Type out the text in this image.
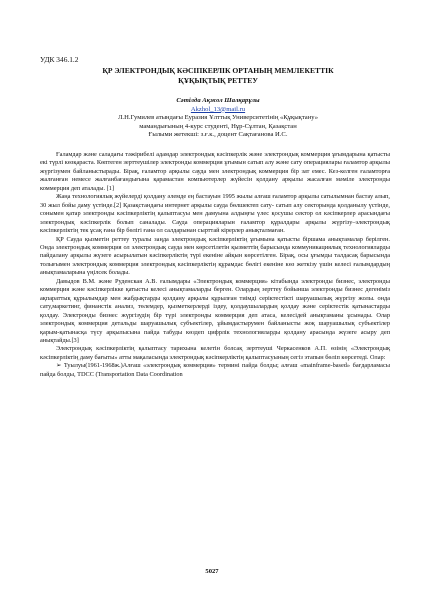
УДК 346.1.2
ҚР ЭЛЕКТРОНДЫҚ КӘСІПКЕРЛІК ОРТАНЫҢ МЕМЛЕКЕТТІК
ҚҰҚЫҚТЫҚ РЕТТЕУ
Сәтілда Ақжол Шалқарұлы
Akzhol_13@mail.ru
Л.Н.Гумилев атындағы Еуразия Ұлттық Университетінің «Құқықтану»
мамандығының 4-курс студенті, Нұр-Сұлтан, Қазақстан
Ғылыми жетекші: з.ғ.к., доцент Сақтағанова И.С.

Ғаламдар және саладағы тәжірибелі адамдар электрондық кәсіпкерлік және электрондық коммерция ұғымдарына қатысты екі түрлі көзқараста. Көптеген зерттеушілер электронды коммерция ұғымын сатып алу және сату операциялары ғаламтор арқылы жүргізумен байланыстырады. Бірақ, ғаламтор арқылы сауда мен электрондық коммерция бір зат емес. Кез-келген ғаламторға жалғанған немесе жалғанбағандығына қарамастан компьютерлер жүйесін қолдану арқылы жасалған мәміле электронды коммерция деп аталады. [1]

Жаңа технологиялық жүйелерді қолдану әлемде ең бастауын 1995 жылы алғаш ғаламтор арқылы сатылымнан бастау алып, 30 жыл бойы даму үстінде.[2] Қазақстандағы интернет арқылы сауда бөлшектеп сату- сатып алу секторында қолданылу үстінде, сонымен қатар электронды кәсіпкерліктің қалыптасуы мен дамуына алдыңғы үлес қосушы сектор ол кәсіпкерлер арасындағы электрондық кәсіпкерлік болып саналады. Сауда операцияларын ғаламтор құралдары арқылы жүргізу–электрондық кәсіпкерліктің тек ұсақ ғана бір бөлігі ғана ол салдарынан сырттай кірерлер анықталмаған.

ҚР Сауда қызметін реттеу туралы заңда электрондық кәсіпкерліктің ұғымына қатысты біршама анықтамалар берілген. Онда электрондық коммерция ол электрондық сауда мен көрсетілетін қызметтің барысында коммуникациялық технологияларды пайдалану арқылы жүзеге асырылатын кәсіпкерліктің түрі екеніне айқын көрсетілген. Бірақ, осы ұғымды талдасақ барысында толығымен электрондық коммерция электрондық кәсіпкерліктің құрамдас бөлігі екеніне көз жеткізу үшін келесі ғалымдардың анықтамаларына үңілсек болады.

Давыдов В.М. және Руденская А.В. ғалымдары «Электрондық коммерция» кітабында электронды бизнес, электронды коммерция және кәсіпкерлікке қатысты келесі анықтамаларды берген. Олардың зерттеу бойынша электронды бизнес дегеніміз ақпараттық құрылымдар мен жабдықтарды қолдану арқылы құрылған тиімді серіктестікті шаруашылық жүргізу жолы. онда сату,маркетинг, финанстік анализ, төлемдер, қызметкерлерді іздеу, қолдаушылардың қолдау және серіктестік қатынастарды қолдау. Электронды бизнес жүргізудің бір түрі электронды коммерция деп атаса, келесідей анықтаманы ұсынады. Олар электрондық коммерция детальды шаруашылық субъектілер, ұйымдастырумен байланысты жоқ шаруашылық субъектілер қарым-қатынасқа түсу арқылысына пайда табуды көздеп цифрлік технологияларды қолдану арасында жүзеге асыру деп анықтайды.[3]

Электрондық кәсіпкерліктің қалыптасу тарихына келетін болсақ зерттеуші Черкасенков А.П. өзінің «Электрондық кәсіпкерліктің даму бағыты» атты мақаласында электрондық кәсіпкерліктің қалыптасуының сегіз этапын бөліп көрсетеді. Олар:

➢ Туылуы(1961-1968ж.)Алғаш «электрондық коммерция» термині пайда болды; алғаш «mainframe-based» бағдарламасы пайда болды, TDCC (Transportation Data Coordination

5027
